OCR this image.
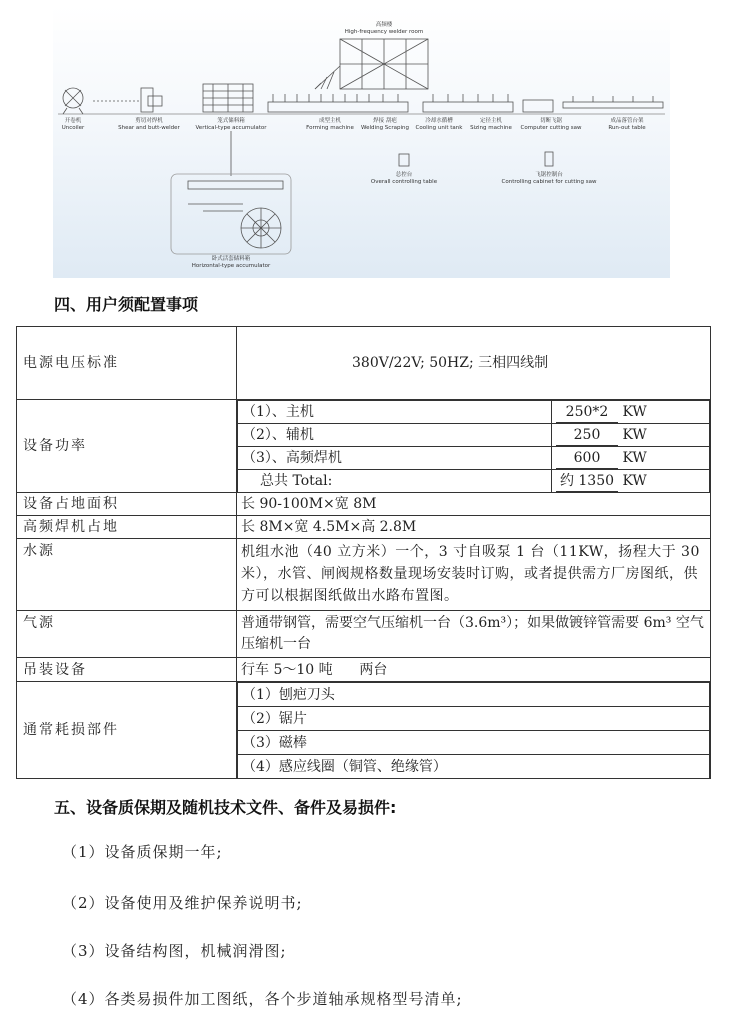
高频楼
High-frequency welder room
开卷机
Uncoiler
剪切对焊机
Shear and butt-welder
笼式储料箱
Vertical-type accumulator
成型主机
Forming machine
焊接 刮疤
Welding Scraping
冷却水循槽
Cooling unit tank
定径主机
Sizing machine
切断飞锯
Computer cutting saw
成品落管台架
Run-out table
总控台
Overall controlling table
飞锯控制台
Controlling cabinet for cutting saw
卧式活套储料箱
Horizontal-type accumulator
四、用户须配置事项
电源电压标准	380V/22V; 50HZ; 三相四线制
设备功率	
（1）、主机	250*2 KW
（2）、辅机	250 KW
（3）、高频焊机	600 KW
总共 Total:	约 1350 KW

设备占地面积	长 90-100M×宽 8M
高频焊机占地	长 8M×宽 4.5M×高 2.8M
水源	机组水池（40 立方米）一个，3 寸自吸泵 1 台（11KW，扬程大于 30 米），水管、闸阀规格数量现场安装时订购，或者提供需方厂房图纸，供方可以根据图纸做出水路布置图。
气源	普通带钢管，需要空气压缩机一台（3.6m³）；如果做镀锌管需要 6m³ 空气压缩机一台
吊装设备	行车 5～10 吨      两台
通常耗损部件	
（1）刨疤刀头
（2）锯片
（3）磁棒
（4）感应线圈（铜管、绝缘管）
五、设备质保期及随机技术文件、备件及易损件:
（1）设备质保期一年;
（2）设备使用及维护保养说明书;
（3）设备结构图，机械润滑图;
（4）各类易损件加工图纸，各个步道轴承规格型号清单;
